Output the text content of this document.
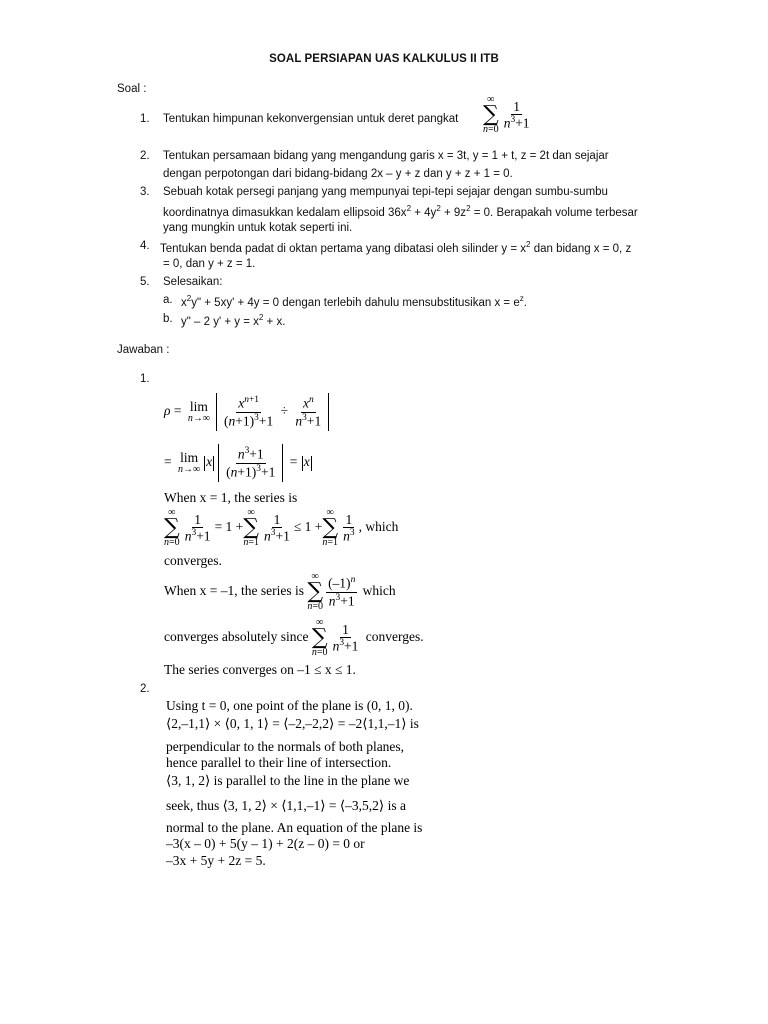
SOAL PERSIAPAN UAS KALKULUS II ITB
Soal :
1. Tentukan himpunan kekonvergensian untuk deret pangkat
∞
∑
$n=0 \frac{1}{n^3+1}$
2. Tentukan persamaan bidang yang mengandung garis x = 3t, y = 1 + t, z = 2t dan sejajar
dengan perpotongan dari bidang-bidang 2x – y + z dan y + z + 1 = 0.
3. Sebuah kotak persegi panjang yang mempunyai tepi-tepi sejajar dengan sumbu-sumbu
koordinatnya dimasukkan kedalam ellipsoid $36x^2 + 4y^2 + 9z^2 = 0$. Berapakah volume terbesar
yang mungkin untuk kotak seperti ini.
4. Tentukan benda padat di oktan pertama yang dibatasi oleh silinder $y = x^2$ dan bidang x = 0, z
= 0, dan y + z = 1.
5. Selesaikan:
a. $x^2y$" + 5xy' + 4y = 0 dengan terlebih dahulu mensubstitusikan $x = e^z$.
b. y" – 2 $y' + y = x^2 + x$.
Jawaban :
1.
ρ = lim
$n\to\infty \frac{x^{n+1}}{(n+1)^3+1} \div \frac{x^n}{n^3+1}$
= lim
n→∞
x $\frac{n^3+1}{(n+1)^3+1} = x$
When x = 1, the series is
∞
∑
$n=0 \frac{1}{n^3+1} = 1$ +
∞
∑
$n=1 \frac{1}{n^3+1} \le 1$ +
∞
∑
$n=1 \frac{1}{n^3}$ , which
converges.
When x = –1, the series is
∞
∑
$n=0 \frac{(-1)^n}{n^3+1}$ which
converges absolutely since
∞
∑
$n=0 \frac{1}{n^3+1}$ converges.
The series converges on –1 ≤ x ≤ 1.
2.
Using t = 0, one point of the plane is (0, 1, 0).
⟨2,–1,1⟩ × ⟨0, 1, 1⟩ = ⟨–2,–2,2⟩ = –2⟨1,1,–1⟩ is
perpendicular to the normals of both planes,
hence parallel to their line of intersection.
⟨3, 1, 2⟩ is parallel to the line in the plane we
seek, thus ⟨3, 1, 2⟩ × ⟨1,1,–1⟩ = ⟨–3,5,2⟩ is a
normal to the plane. An equation of the plane is
–3(x – 0) + 5(y – 1) + 2(z – 0) = 0 or
–3x + 5y + 2z = 5.
